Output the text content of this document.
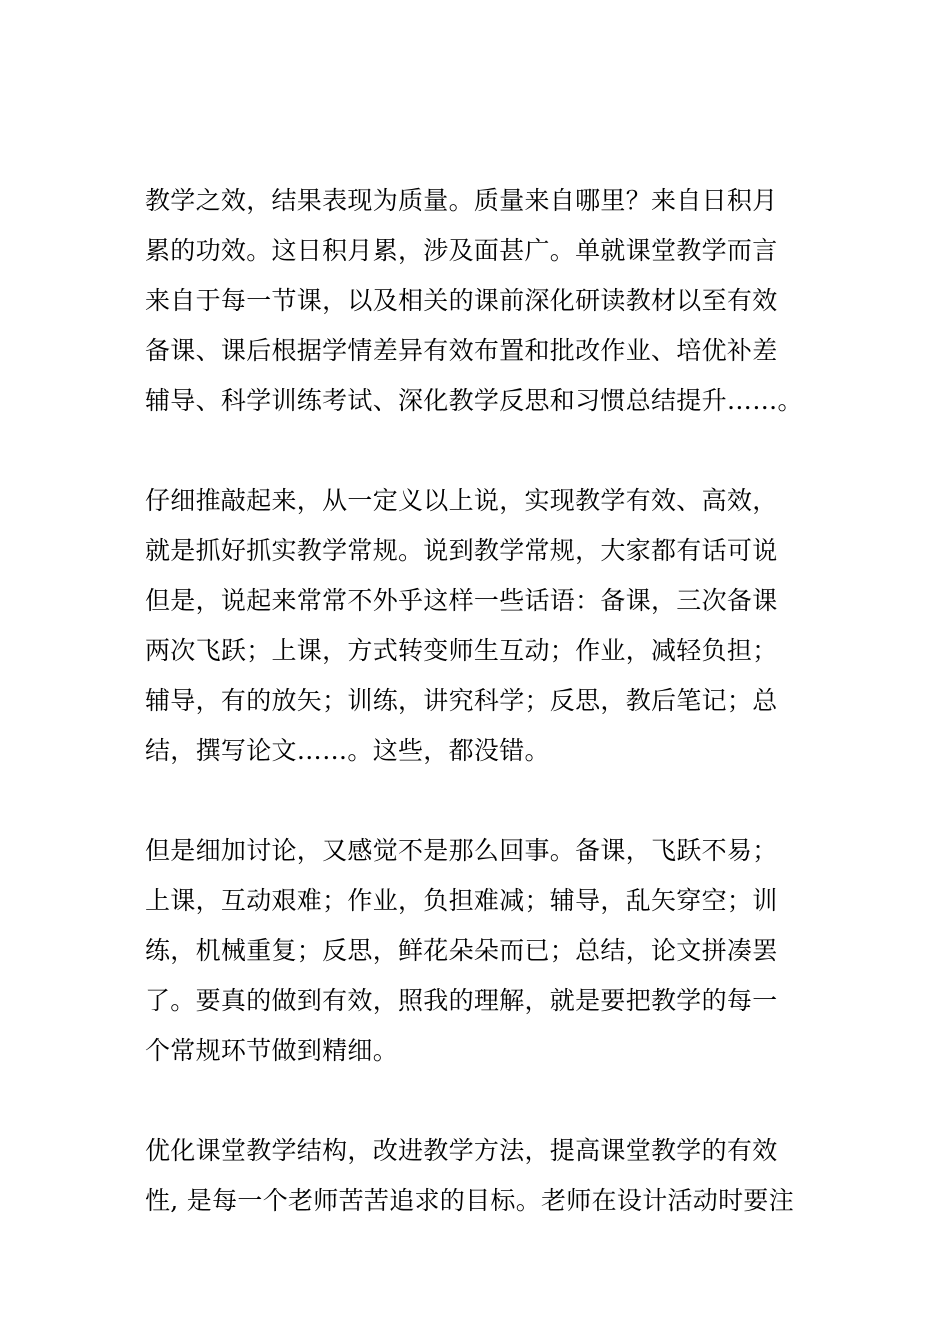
教学之效，结果表现为质量。质量来自哪里？来自日积月
累的功效。这日积月累，涉及面甚广。单就课堂教学而言
来自于每一节课，以及相关的课前深化研读教材以至有效
备课、课后根据学情差异有效布置和批改作业、培优补差
辅导、科学训练考试、深化教学反思和习惯总结提升……。
仔细推敲起来，从一定义以上说，实现教学有效、高效，
就是抓好抓实教学常规。说到教学常规，大家都有话可说
但是，说起来常常不外乎这样一些话语：备课，三次备课
两次飞跃；上课，方式转变师生互动；作业，减轻负担；
辅导，有的放矢；训练，讲究科学；反思，教后笔记；总
结，撰写论文……。这些，都没错。
但是细加讨论，又感觉不是那么回事。备课，飞跃不易；
上课，互动艰难；作业，负担难减；辅导，乱矢穿空；训
练，机械重复；反思，鲜花朵朵而已；总结，论文拼凑罢
了。要真的做到有效，照我的理解，就是要把教学的每一
个常规环节做到精细。
优化课堂教学结构，改进教学方法，提高课堂教学的有效
性, 是每一个老师苦苦追求的目标。老师在设计活动时要注
